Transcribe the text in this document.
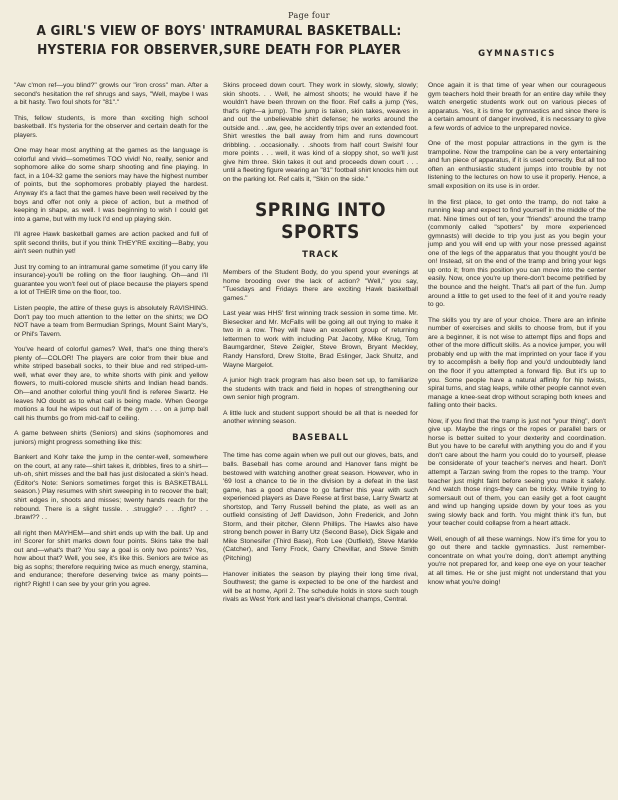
Page four
A GIRL'S VIEW OF BOYS' INTRAMURAL BASKETBALL:
HYSTERIA FOR OBSERVER,SURE DEATH FOR PLAYER

"Aw c'mon ref—you blind?" growls our "iron cross" man. After a second's hesitation the ref shrugs and says, "Well, maybe I was a bit hasty. Two foul shots for "81"."

This, fellow students, is more than exciting high school basketball. It's hysteria for the observer and certain death for the players.

One may hear most anything at the games as the language is colorful and vivid—sometimes TOO vivid! No, really, senior and sophomore alike do some sharp shooting and fine playing. In fact, in a 104-32 game the seniors may have the highest number of points, but the sophomores probably played the hardest. Anyway it's a fact that the games have been well received by the boys and offer not only a piece of action, but a method of keeping in shape, as well. I was beginning to wish I could get into a game, but with my luck I'd end up playing skin.

I'll agree Hawk basketball games are action packed and full of split second thrills, but if you think THEY'RE exciting—Baby, you ain't seen nuthin yet!

Just try coming to an intramural game sometime (if you carry life insurance)-you'll be rolling on the floor laughing. Oh—and I'll guarantee you won't feel out of place because the players spend a lot of THEIR time on the floor, too.

Listen people, the attire of these guys is absolutely RAVISHING. Don't pay too much attention to the letter on the shirts; we DO NOT have a team from Bermudian Springs, Mount Saint Mary's, or Phil's Tavern.

You've heard of colorful games? Well, that's one thing there's plenty of—COLOR! The players are color from their blue and white striped baseball socks, to their blue and red striped-um-well, what ever they are, to white shorts with pink and yellow flowers, to multi-colored muscle shirts and Indian head bands. Oh—and another colorful thing you'll find is referee Swartz. He leaves NO doubt as to what call is being made. When George motions a foul he wipes out half of the gym . . . on a jump ball call his thumbs go from mid-calf to ceiling.

A game between shirts (Seniors) and skins (sophomores and juniors) might progress something like this:

Bankert and Kohr take the jump in the center-well, somewhere on the court, at any rate—shirt takes it, dribbles, fires to a shirt—uh-oh, shirt misses and the ball has just dislocated a skin's head. (Editor's Note: Seniors sometimes forget this is BASKETBALL season.) Play resumes with shirt sweeping in to recover the ball; shirt edges in, shoots and misses; twenty hands reach for the rebound. There is a slight tussle. . .struggle? . . .fight? . . .brawl?? . .

all right then MAYHEM—and shirt ends up with the ball. Up and in! Scorer for shirt marks down four points. Skins take the ball out and—what's that? You say a goal is only two points? Yes, how about that? Well, you see, it's like this. Seniors are twice as big as sophs; therefore requiring twice as much energy, stamina, and endurance; therefore deserving twice as many points—right? Right! I can see by your grin you agree.

Skins proceed down court. They work in slowly, slowly, slowly; skin shoots. . . Well, he almost shoots; he would have if he wouldn't have been thrown on the floor. Ref calls a jump (Yes, that's right—a jump). The jump is taken, skin takes, weaves in and out the unbelievable shirt defense; he works around the outside and. . .aw, gee, he accidently trips over an extended foot. Shirt wrestles the ball away from him and runs downcourt dribbling. . .occasionally. . .shoots from half court Swish! four more points . . . well, it was kind of a sloppy shot, so we'll just give him three. Skin takes it out and proceeds down court . . . until a fleeting figure wearing an "81" football shirt knocks him out on the parking lot. Ref calls it, "Skin on the side."

SPRING INTO SPORTS
TRACK

Members of the Student Body, do you spend your evenings at home brooding over the lack of action? "Well," you say, "Tuesdays and Fridays there are exciting Hawk basketball games."

Last year was HHS' first winning track session in some time. Mr. Biesecker and Mr. McFalls will be going all out trying to make it two in a row. They will have an excellent group of returning lettermen to work with including Pat Jacoby, Mike Krug, Tom Baumgardner, Steve Zeigler, Steve Brown, Bryant Meckley, Randy Hansford, Drew Stolte, Brad Eslinger, Jack Shultz, and Wayne Margelot.

A junior high track program has also been set up, to familiarize the students with track and field in hopes of strengthening our own senior high program.

A little luck and student support should be all that is needed for another winning season.

BASEBALL

The time has come again when we pull out our gloves, bats, and balls. Baseball has come around and Hanover fans might be bestowed with watching another great season. However, who in '69 lost a chance to tie in the division by a defeat in the last game, has a good chance to go farther this year with such experienced players as Dave Reese at first base, Larry Swartz at shortstop, and Terry Russell behind the plate, as well as an outfield consisting of Jeff Davidson, John Frederick, and John Storm, and their pitcher, Glenn Phillips. The Hawks also have strong bench power in Barry Utz (Second Base), Dick Sigale and Mike Stonesifer (Third Base), Rob Lee (Outfield), Steve Markle (Catcher), and Terry Frock, Garry Chevillar, and Steve Smith (Pitching)

Hanover initiates the season by playing their long time rival, Southwest; the game is expected to be one of the hardest and will be at home, April 2. The schedule holds in store such tough rivals as West York and last year's divisional champs, Central.

GYMNASTICS

Once again it is that time of year when our courageous gym teachers hold their breath for an entire day while they watch energetic students work out on various pieces of apparatus. Yes, it is time for gymnastics and since there is a certain amount of danger involved, it is necessary to give a few words of advice to the unprepared novice.

One of the most popular attractions in the gym is the trampoline. Now the trampoline can be a very entertaining and fun piece of apparatus, if it is used correctly. But all too often an enthusiastic student jumps into trouble by not listening to the lectures on how to use it properly. Hence, a small exposition on its use is in order.

In the first place, to get onto the tramp, do not take a running leap and expect to find yourself in the middle of the mat. Nine times out of ten, your "friends" around the tramp (commonly called "spotters" by more experienced gymnasts) will decide to trip you just as you begin your jump and you will end up with your nose pressed against one of the legs of the apparatus that you thought you'd be on! Instead, sit on the end of the tramp and bring your legs up onto it; from this position you can move into the center easily. Now, once you're up there-don't become petrified by the bounce and the height. That's all part of the fun. Jump around a little to get used to the feel of it and you're ready to go.

The skills you try are of your choice. There are an infinite number of exercises and skills to choose from, but if you are a beginner, it is not wise to attempt flips and flops and other of the more difficult skills. As a novice jumper, you will probably end up with the mat imprinted on your face if you try to accomplish a belly flop and you'd undoubtedly land on the floor if you attempted a forward flip. But it's up to you. Some people have a natural affinity for hip twists, spiral turns, and stag leaps, while other people cannot even manage a knee-seat drop without scraping both knees and falling onto their backs.

Now, if you find that the tramp is just not "your thing", don't give up. Maybe the rings or the ropes or parallel bars or horse is better suited to your dexterity and coordination. But you have to be careful with anything you do and if you don't care about the harm you could do to yourself, please be considerate of your teacher's nerves and heart. Don't attempt a Tarzan swing from the ropes to the tramp. Your teacher just might faint before seeing you make it safely. And watch those rings-they can be tricky. While trying to somersault out of them, you can easily get a foot caught and wind up hanging upside down by your toes as you swing slowly back and forth. You might think it's fun, but your teacher could collapse from a heart attack.

Well, enough of all these warnings. Now it's time for you to go out there and tackle gymnastics. Just remember-concentrate on what you're doing, don't attempt anything you're not prepared for, and keep one eye on your teacher at all times. He or she just might not understand that you know what you're doing!
